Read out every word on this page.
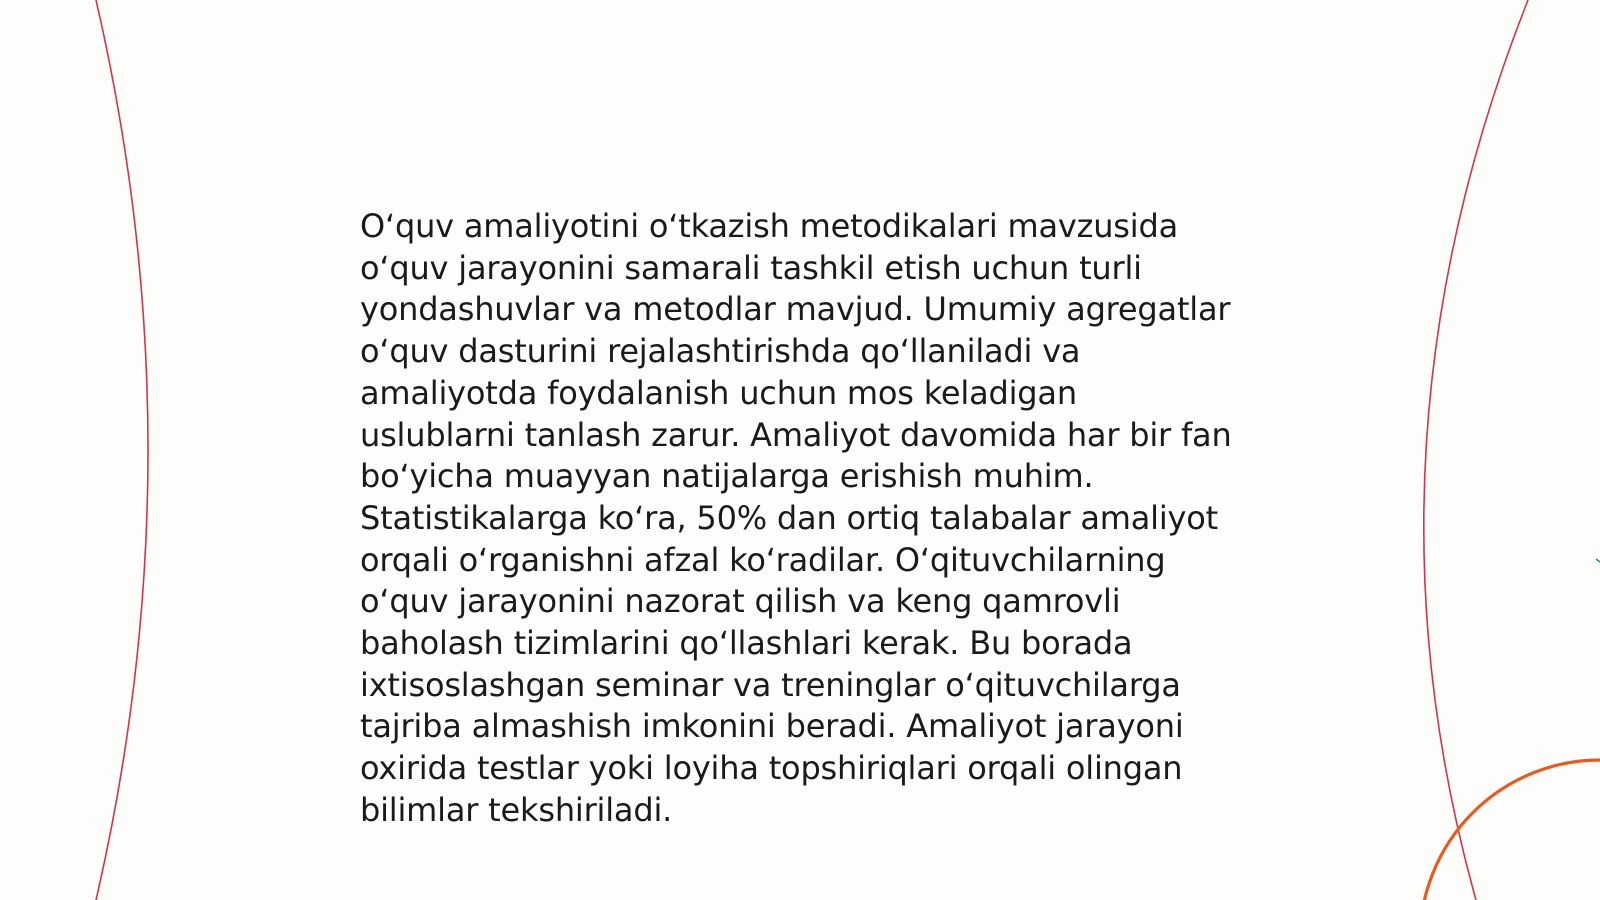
O‘quv amaliyotini o‘tkazish metodikalari mavzusida o‘quv jarayonini samarali tashkil etish uchun turli yondashuvlar va metodlar mavjud. Umumiy agregatlar o‘quv dasturini rejalashtirishda qo‘llaniladi va amaliyotda foydalanish uchun mos keladigan uslublarni tanlash zarur. Amaliyot davomida har bir fan bo‘yicha muayyan natijalarga erishish muhim. Statistikalarga ko‘ra, 50% dan ortiq talabalar amaliyot orqali o‘rganishni afzal ko‘radilar. O‘qituvchilarning o‘quv jarayonini nazorat qilish va keng qamrovli baholash tizimlarini qo‘llashlari kerak. Bu borada ixtisoslashgan seminar va treninglar o‘qituvchilarga tajriba almashish imkonini beradi. Amaliyot jarayoni oxirida testlar yoki loyiha topshiriqlari orqali olingan bilimlar tekshiriladi.
